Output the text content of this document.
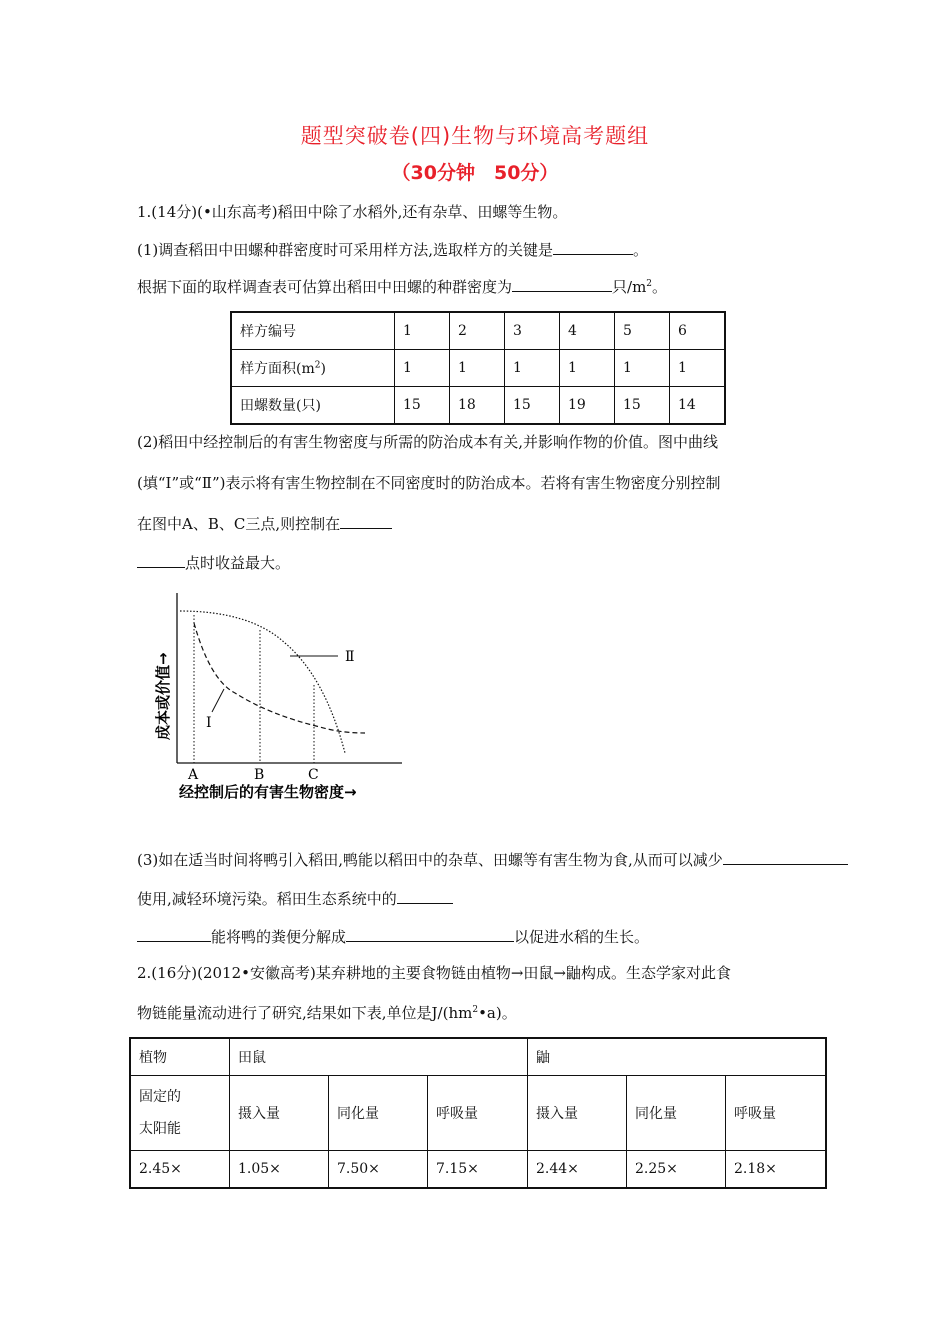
题型突破卷(四)生物与环境高考题组
（30分钟　50分）
1.(14分)(•山东高考)稻田中除了水稻外,还有杂草、田螺等生物。
(1)调查稻田中田螺种群密度时可采用样方法,选取样方的关键是	。
根据下面的取样调查表可估算出稻田中田螺的种群密度为	只$/m^2$。
样方编号	1	2	3	4	5	6
样方面积$(m^2)$	1	1	1	1	1	1
田螺数量(只)	15	18	15	19	15	14
(2)稻田中经控制后的有害生物密度与所需的防治成本有关,并影响作物的价值。图中曲线
(填“Ⅰ”或“Ⅱ”)表示将有害生物控制在不同密度时的防治成本。若将有害生物密度分别控制
在图中A、B、C三点,则控制在
点时收益最大。
Ⅱ
Ⅰ
A	B	C
经控制后的有害生物密度→
成本或价值→
(3)如在适当时间将鸭引入稻田,鸭能以稻田中的杂草、田螺等有害生物为食,从而可以减少
使用,减轻环境污染。稻田生态系统中的
能将鸭的粪便分解成	以促进水稻的生长。
2.(16分)(2012•安徽高考)某弃耕地的主要食物链由植物→田鼠→鼬构成。生态学家对此食
物链能量流动进行了研究,结果如下表,单位是$J/(hm^2•a)$。
植物	田鼠			鼬		
固定的
太阳能	摄入量	同化量	呼吸量	摄入量	同化量	呼吸量
2.45×	1.05×	7.50×	7.15×	2.44×	2.25×	2.18×
